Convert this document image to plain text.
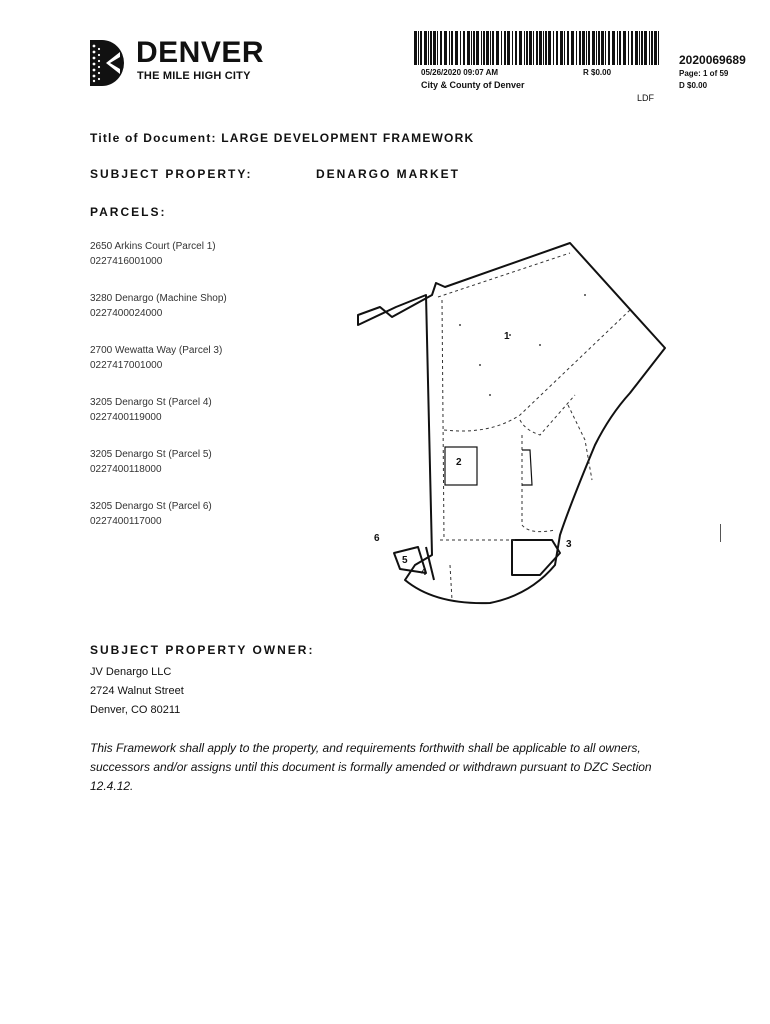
DENVER
THE MILE HIGH CITY	05/26/2020 09:07 AM	R $0.00
City & County of Denver
LDF
2020069689
Page: 1 of 59
D $0.00
Title of Document: LARGE DEVELOPMENT FRAMEWORK
SUBJECT PROPERTY:	DENARGO MARKET
PARCELS:
2650 Arkins Court (Parcel 1)
0227416001000
3280 Denargo (Machine Shop)
0227400024000
2700 Wewatta Way (Parcel 3)
0227417001000
3205 Denargo St (Parcel 4)
0227400119000
3205 Denargo St (Parcel 5)
0227400118000
3205 Denargo St (Parcel 6)
0227400117000
1
2
3
4
5
6
SUBJECT PROPERTY OWNER:
JV Denargo LLC
2724 Walnut Street
Denver, CO 80211
This Framework shall apply to the property, and requirements forthwith shall be applicable to all owners, successors and/or assigns until this document is formally amended or withdrawn pursuant to DZC Section 12.4.12.
